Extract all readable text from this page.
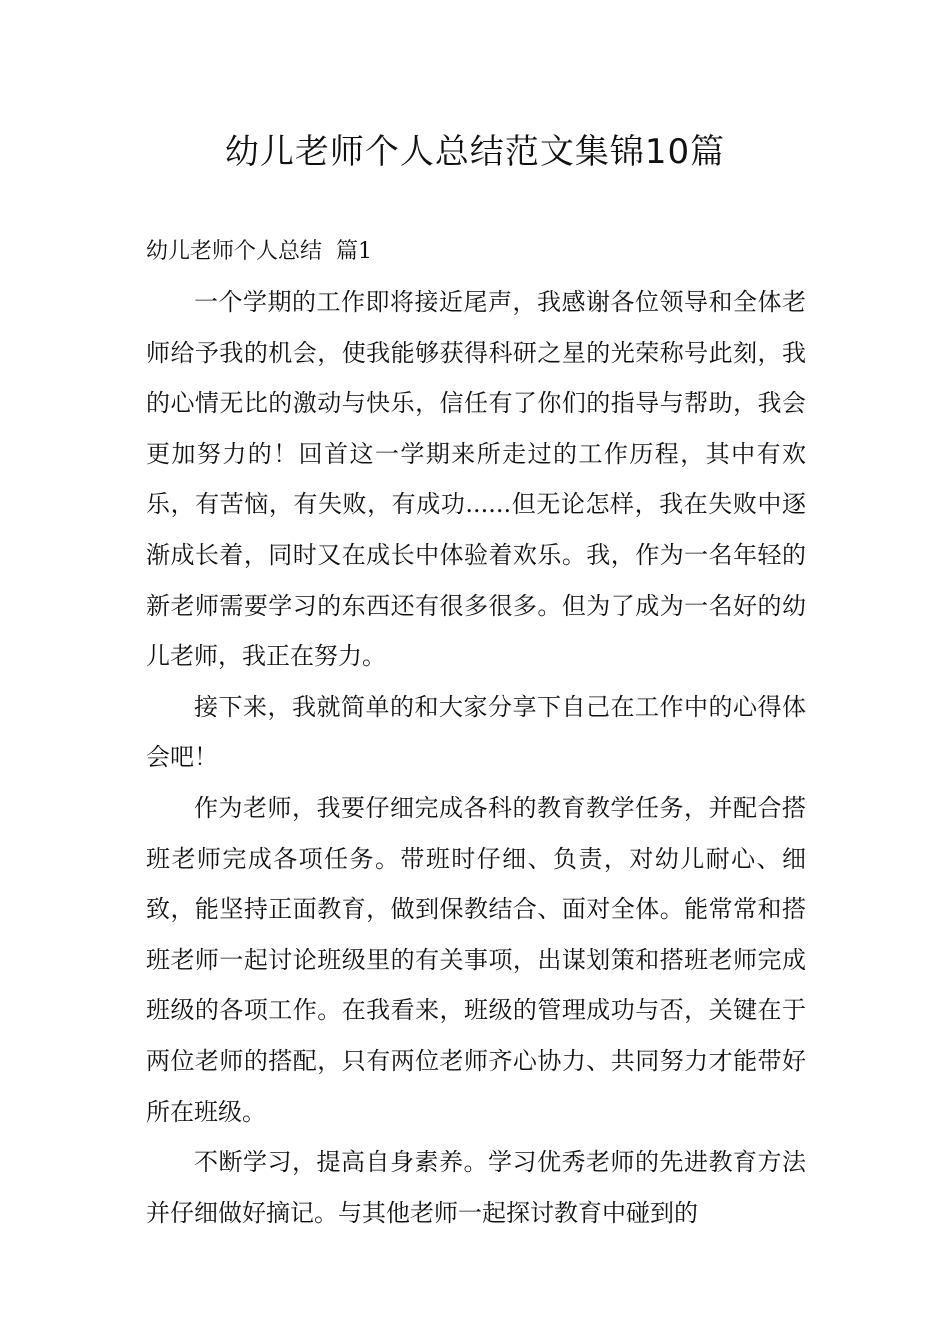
幼儿老师个人总结范文集锦10篇
幼儿老师个人总结  篇1

一个学期的工作即将接近尾声，我感谢各位领导和全体老师给予我的机会，使我能够获得科研之星的光荣称号此刻，我的心情无比的激动与快乐，信任有了你们的指导与帮助，我会更加努力的！回首这一学期来所走过的工作历程，其中有欢乐，有苦恼，有失败，有成功......但无论怎样，我在失败中逐渐成长着，同时又在成长中体验着欢乐。我，作为一名年轻的新老师需要学习的东西还有很多很多。但为了成为一名好的幼儿老师，我正在努力。

接下来，我就简单的和大家分享下自己在工作中的心得体会吧！

作为老师，我要仔细完成各科的教育教学任务，并配合搭班老师完成各项任务。带班时仔细、负责，对幼儿耐心、细致，能坚持正面教育，做到保教结合、面对全体。能常常和搭班老师一起讨论班级里的有关事项，出谋划策和搭班老师完成班级的各项工作。在我看来，班级的管理成功与否，关键在于两位老师的搭配，只有两位老师齐心协力、共同努力才能带好所在班级。

不断学习，提高自身素养。学习优秀老师的先进教育方法并仔细做好摘记。与其他老师一起探讨教育中碰到的
